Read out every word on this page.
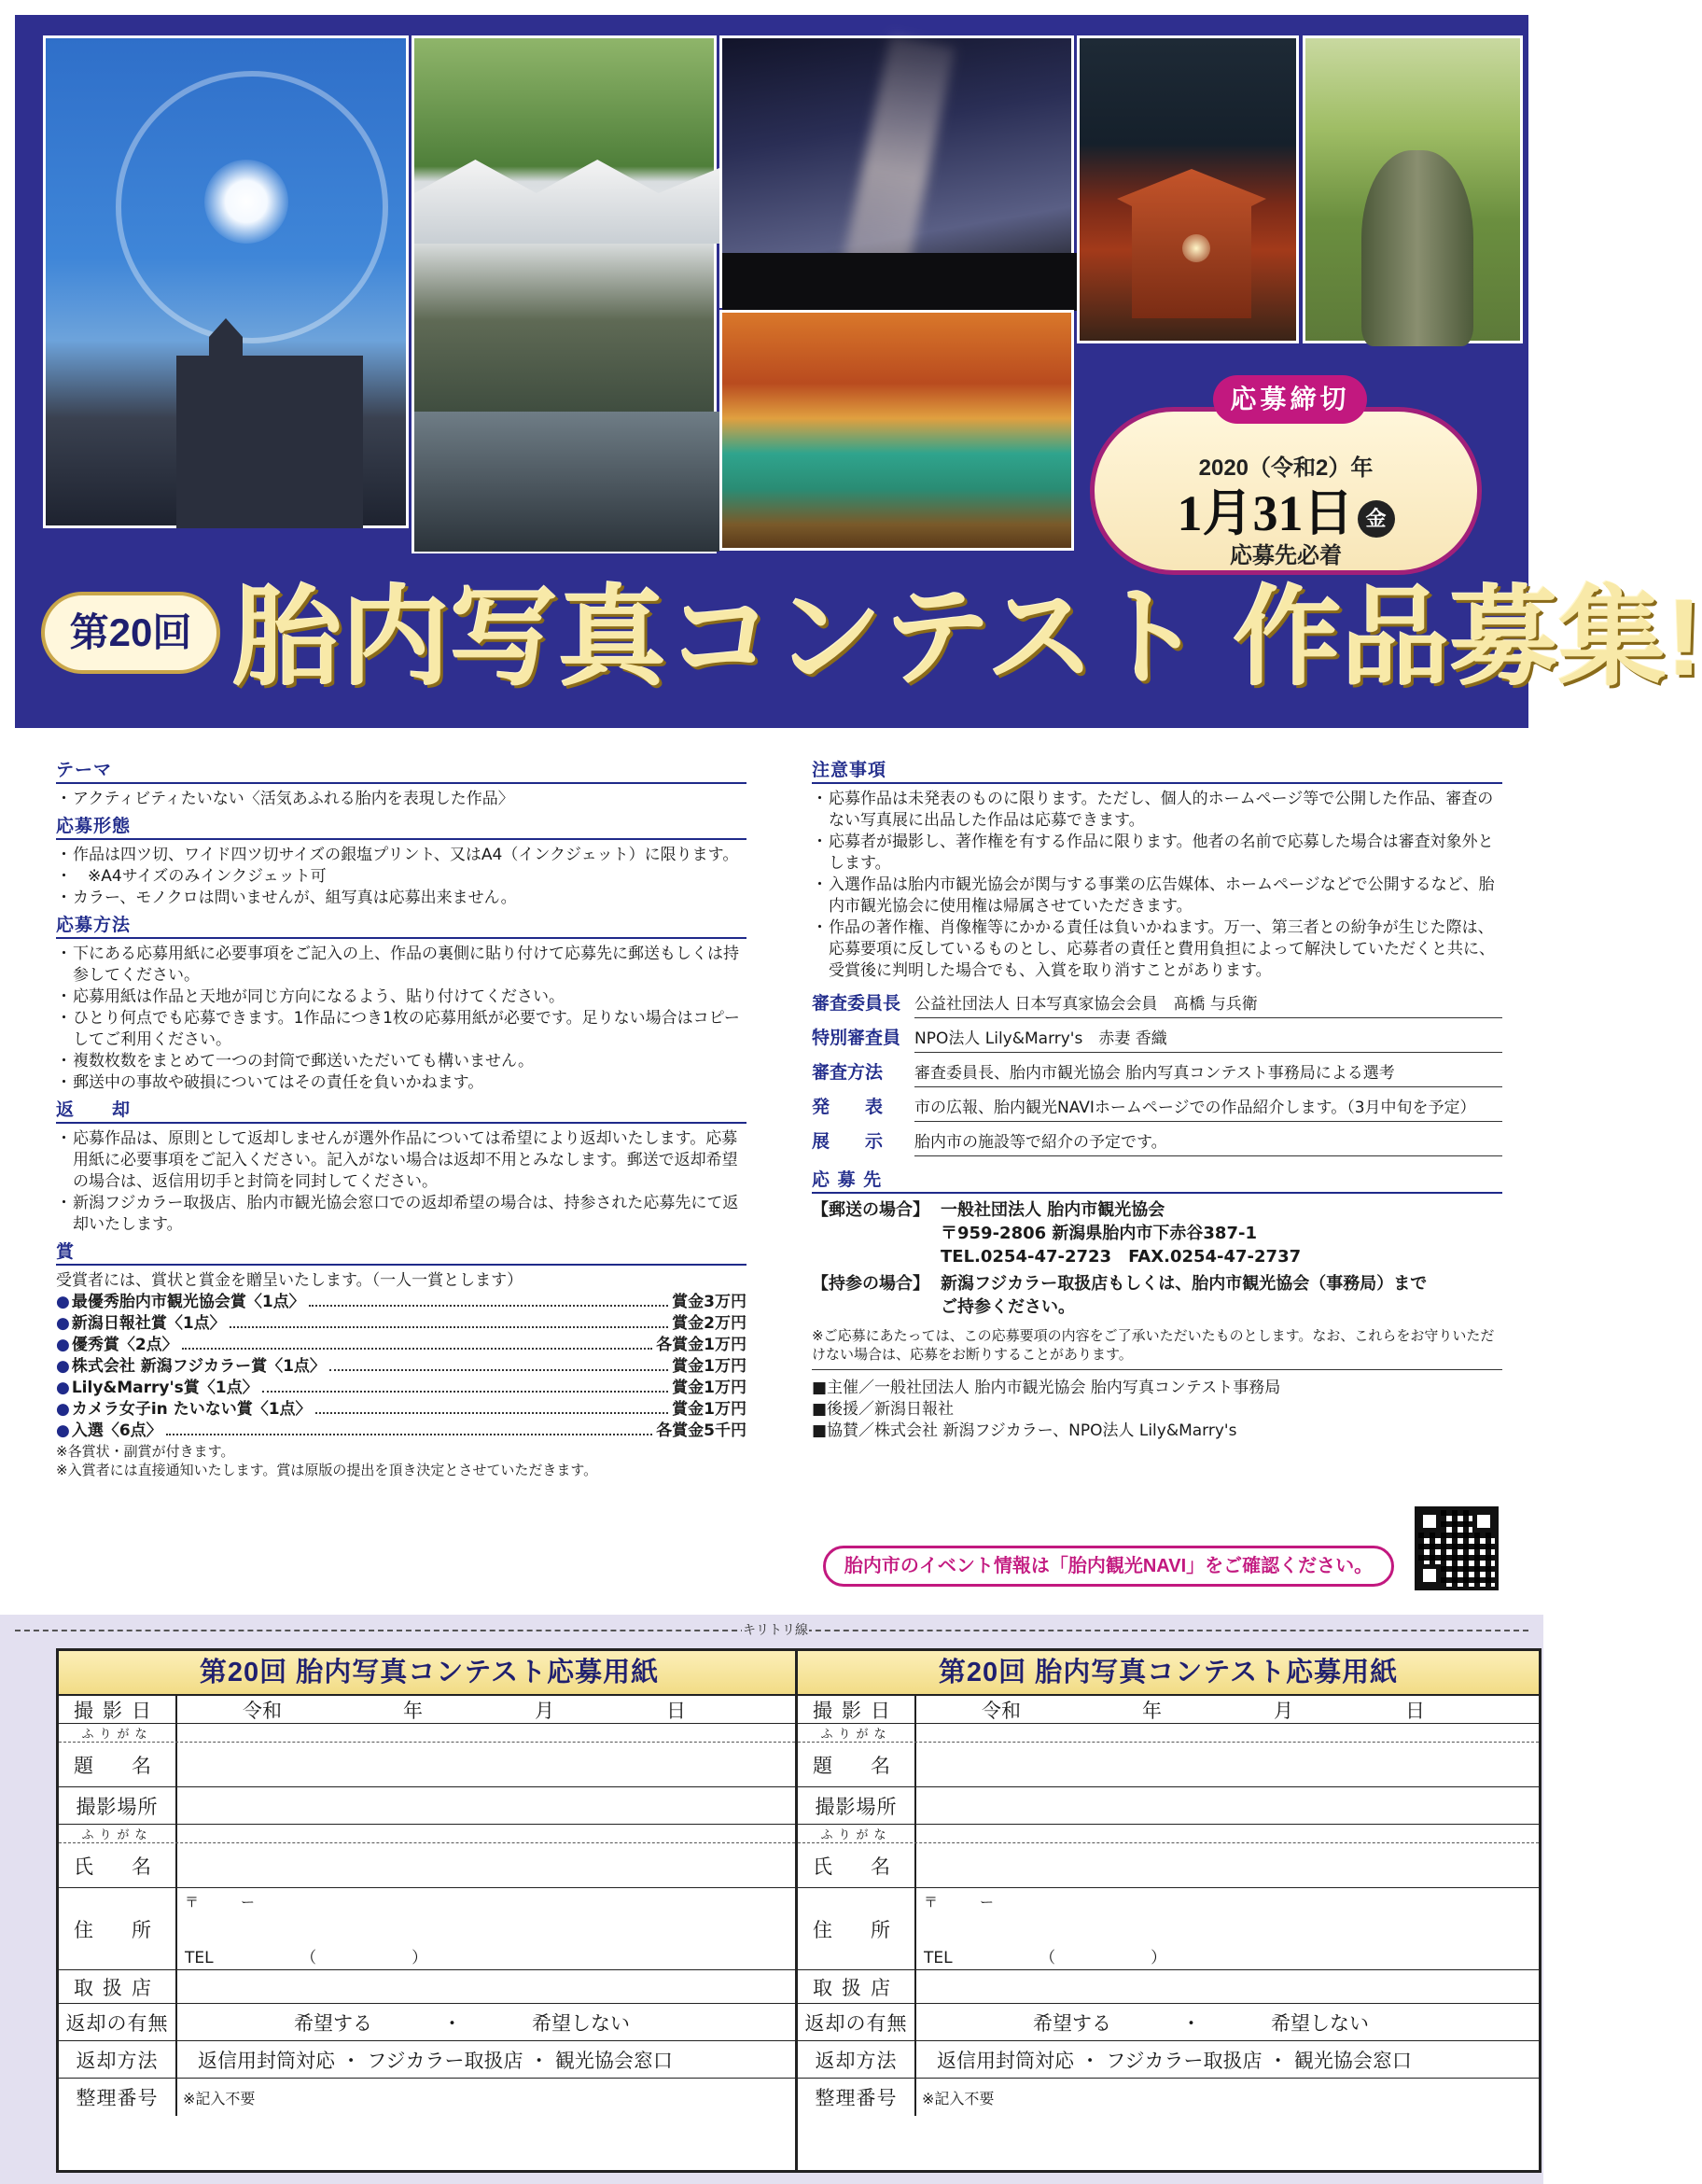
2020（令和2）年
1月31日 金
応募先必着
応募締切
第20回 胎内写真コンテスト 作品募集!
テーマ
・ アクティビティたいない〈活気あふれる胎内を表現した作品〉
応募形態
・ 作品は四ツ切、ワイド四ツ切サイズの銀塩プリント、又はA4（インクジェット）に限ります。
・ ※A4サイズのみインクジェット可
・ カラー、モノクロは問いませんが、組写真は応募出来ません。
応募方法
・ 下にある応募用紙に必要事項をご記入の上、作品の裏側に貼り付けて応募先に郵送もしくは持参してください。
・ 応募用紙は作品と天地が同じ方向になるよう、貼り付けてください。
・ ひとり何点でも応募できます。1作品につき1枚の応募用紙が必要です。足りない場合はコピーしてご利用ください。
・ 複数枚数をまとめて一つの封筒で郵送いただいても構いません。
・ 郵送中の事故や破損についてはその責任を負いかねます。
返　　却
・ 応募作品は、原則として返却しませんが選外作品については希望により返却いたします。応募用紙に必要事項をご記入ください。記入がない場合は返却不用とみなします。郵送で返却希望の場合は、返信用切手と封筒を同封してください。
・ 新潟フジカラー取扱店、胎内市観光協会窓口での返却希望の場合は、持参された応募先にて返却いたします。
賞
受賞者には、賞状と賞金を贈呈いたします。（一人一賞とします）
● 最優秀胎内市観光協会賞〈1点〉	賞金3万円
● 新潟日報社賞〈1点〉	賞金2万円
● 優秀賞〈2点〉	各賞金1万円
● 株式会社 新潟フジカラー賞〈1点〉	賞金1万円
● Lily&Marry's賞〈1点〉	賞金1万円
● カメラ女子in たいない賞〈1点〉	賞金1万円
● 入選〈6点〉	各賞金5千円
※各賞状・副賞が付きます。
※入賞者には直接通知いたします。賞は原版の提出を頂き決定とさせていただきます。
注意事項
・ 応募作品は未発表のものに限ります。ただし、個人的ホームページ等で公開した作品、審査のない写真展に出品した作品は応募できます。
・ 応募者が撮影し、著作権を有する作品に限ります。他者の名前で応募した場合は審査対象外とします。
・ 入選作品は胎内市観光協会が関与する事業の広告媒体、ホームページなどで公開するなど、胎内市観光協会に使用権は帰属させていただきます。
・ 作品の著作権、肖像権等にかかる責任は負いかねます。万一、第三者との紛争が生じた際は、応募要項に反しているものとし、応募者の責任と費用負担によって解決していただくと共に、受賞後に判明した場合でも、入賞を取り消すことがあります。
審査委員長 公益社団法人 日本写真家協会会員　髙橋 与兵衛
特別審査員 NPO法人 Lily&Marry's　赤妻 香織
審査方法	審査委員長、胎内市観光協会 胎内写真コンテスト事務局による選考
発　　表	市の広報、胎内観光NAVIホームページでの作品紹介します。（3月中旬を予定）
展　　示	胎内市の施設等で紹介の予定です。
応 募 先
【郵送の場合】 一般社団法人 胎内市観光協会
〒959-2806 新潟県胎内市下赤谷387-1
TEL.0254-47-2723　FAX.0254-47-2737
【持参の場合】 新潟フジカラー取扱店もしくは、胎内市観光協会（事務局）まで
ご持参ください。
※ご応募にあたっては、この応募要項の内容をご了承いただいたものとします。なお、これらをお守りいただけない場合は、応募をお断りすることがあります。
■主催／一般社団法人 胎内市観光協会 胎内写真コンテスト事務局
■後援／新潟日報社
■協賛／株式会社 新潟フジカラー、NPO法人 Lily&Marry's
胎内市のイベント情報は「胎内観光NAVI」をご確認ください。
キリトリ線
第20回 胎内写真コンテスト応募用紙
撮影日	令和	年	月	日
ふりがな
題　名
撮影場所
ふりがな
氏　名
住　所
〒　　　ー
TEL　　　　　　（　　　　　　）
取扱店
返却の有無	希望する	・	希望しない
返却方法	返信用封筒対応 ・ フジカラー取扱店 ・ 観光協会窓口
整理番号	※記入不要
第20回 胎内写真コンテスト応募用紙
撮影日	令和	年	月	日
ふりがな
題　名
撮影場所
ふりがな
氏　名
住　所
〒　　　ー
TEL　　　　　　（　　　　　　）
取扱店
返却の有無	希望する	・	希望しない
返却方法	返信用封筒対応 ・ フジカラー取扱店 ・ 観光協会窓口
整理番号	※記入不要
